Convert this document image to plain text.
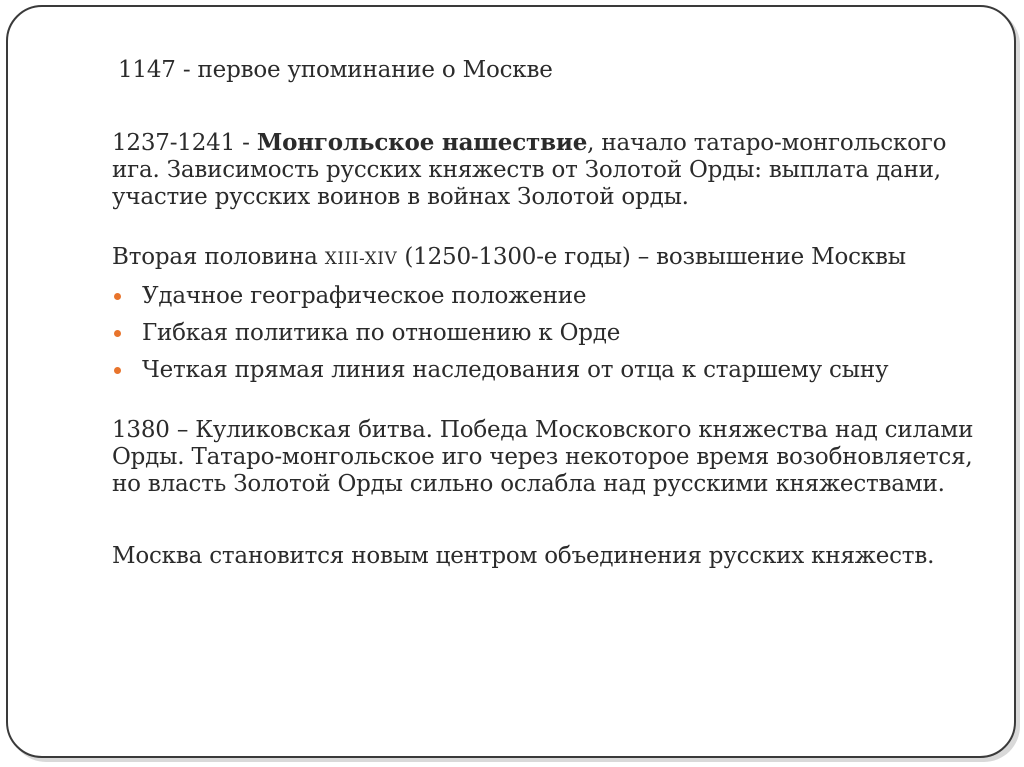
1147 - первое упоминание о Москве

1237-1241 - Монгольское нашествие, начало татаро-монгольского ига. Зависимость русских княжеств от Золотой Орды: выплата дани, участие русских воинов в войнах Золотой орды.

Вторая половина XIII-XIV (1250-1300-е годы) – возвышение Москвы

Удачное географическое положение
Гибкая политика по отношению к Орде
Четкая прямая линия наследования от отца к старшему сыну

1380 – Куликовская битва. Победа Московского княжества над силами Орды. Татаро-монгольское иго через некоторое время возобновляется, но власть Золотой Орды сильно ослабла над русскими княжествами.

Москва становится новым центром объединения русских княжеств.
